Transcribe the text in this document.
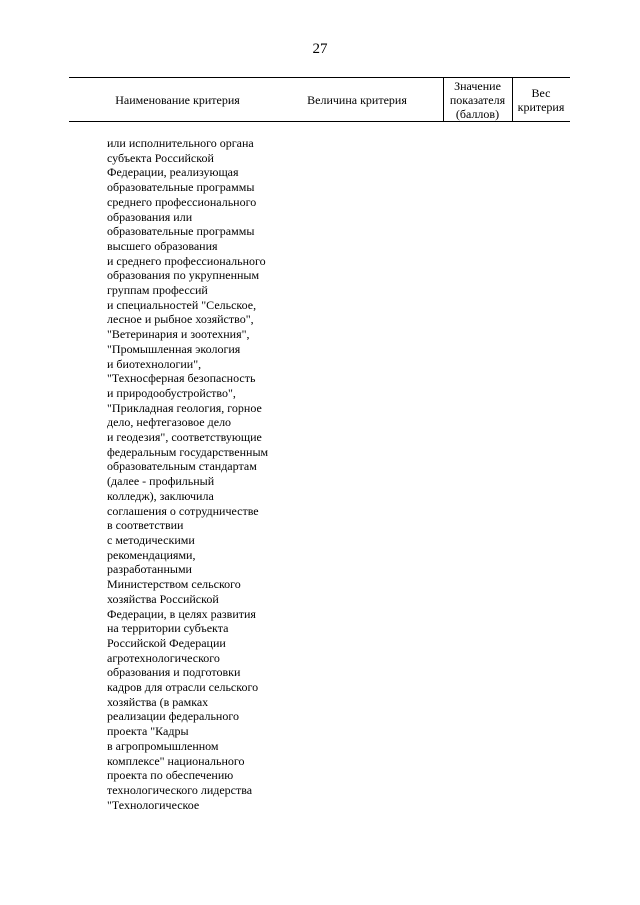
27
Наименование критерия	Величина критерия
Значение
показателя
(баллов)
Вес
критерия
или исполнительного органа
субъекта Российской
Федерации, реализующая
образовательные программы
среднего профессионального
образования или
образовательные программы
высшего образования
и среднего профессионального
образования по укрупненным
группам профессий
и специальностей "Сельское,
лесное и рыбное хозяйство",
"Ветеринария и зоотехния",
"Промышленная экология
и биотехнологии",
"Техносферная безопасность
и природообустройство",
"Прикладная геология, горное
дело, нефтегазовое дело
и геодезия", соответствующие
федеральным государственным
образовательным стандартам
(далее - профильный
колледж), заключила
соглашения о сотрудничестве
в соответствии
с методическими
рекомендациями,
разработанными
Министерством сельского
хозяйства Российской
Федерации, в целях развития
на территории субъекта
Российской Федерации
агротехнологического
образования и подготовки
кадров для отрасли сельского
хозяйства (в рамках
реализации федерального
проекта "Кадры
в агропромышленном
комплексе" национального
проекта по обеспечению
технологического лидерства
"Технологическое
